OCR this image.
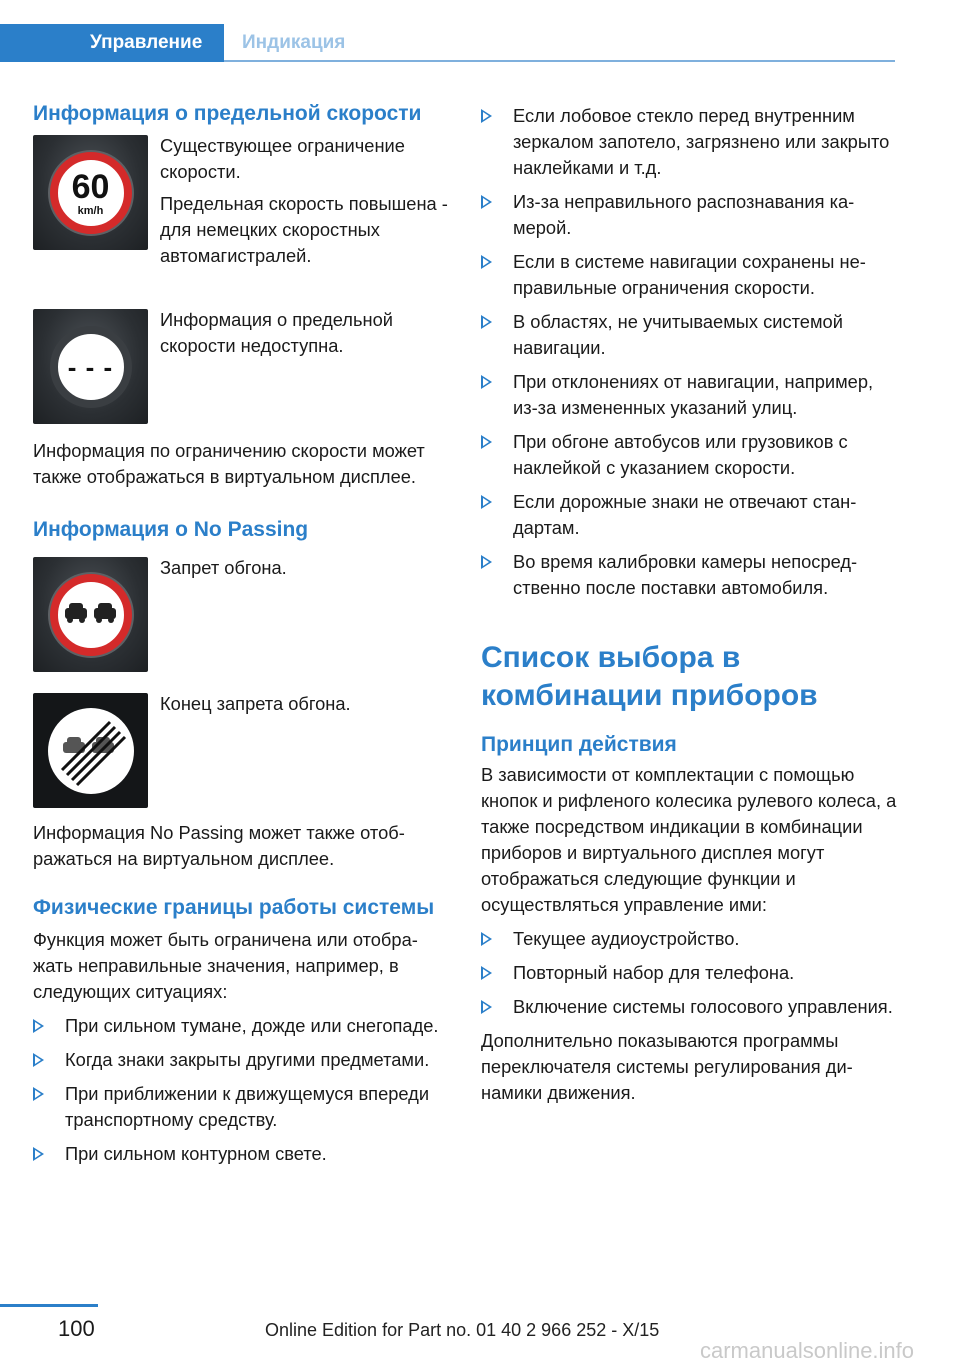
Управление	Индикация
Информация о предельной скорости
60
km/h
Существующее ограничение скорости.
Предельная скорость повышена - для немецких скоростных автомагистралей.
- - -
Информация о предельной скорости недоступна.
Информация по ограничению скорости может также отображаться в виртуальном дисплее.
Информация о No Passing
Запрет обгона.
Конец запрета обгона.
Информация No Passing может также отображаться на виртуальном дисплее.
Физические границы работы системы
Функция может быть ограничена или отображать неправильные значения, например, в следующих ситуациях:
При сильном тумане, дожде или снегопаде.
Когда знаки закрыты другими предметами.
При приближении к движущемуся впереди транспортному средству.
При сильном контурном свете.
Если лобовое стекло перед внутренним зеркалом запотело, загрязнено или закрыто наклейками и т.д.
Из-за неправильного распознавания камерой.
Если в системе навигации сохранены неправильные ограничения скорости.
В областях, не учитываемых системой навигации.
При отклонениях от навигации, например, из-за измененных указаний улиц.
При обгоне автобусов или грузовиков с наклейкой с указанием скорости.
Если дорожные знаки не отвечают стандартам.
Во время калибровки камеры непосредственно после поставки автомобиля.
Список выбора в комбинации приборов
Принцип действия
В зависимости от комплектации с помощью кнопок и рифленого колесика рулевого колеса, а также посредством индикации в комбинации приборов и виртуального дисплея могут отображаться следующие функции и осуществляться управление ими:
Текущее аудиоустройство.
Повторный набор для телефона.
Включение системы голосового управления.
Дополнительно показываются программы переключателя системы регулирования динамики движения.
100	Online Edition for Part no. 01 40 2 966 252 - X/15
carmanualsonline.info
